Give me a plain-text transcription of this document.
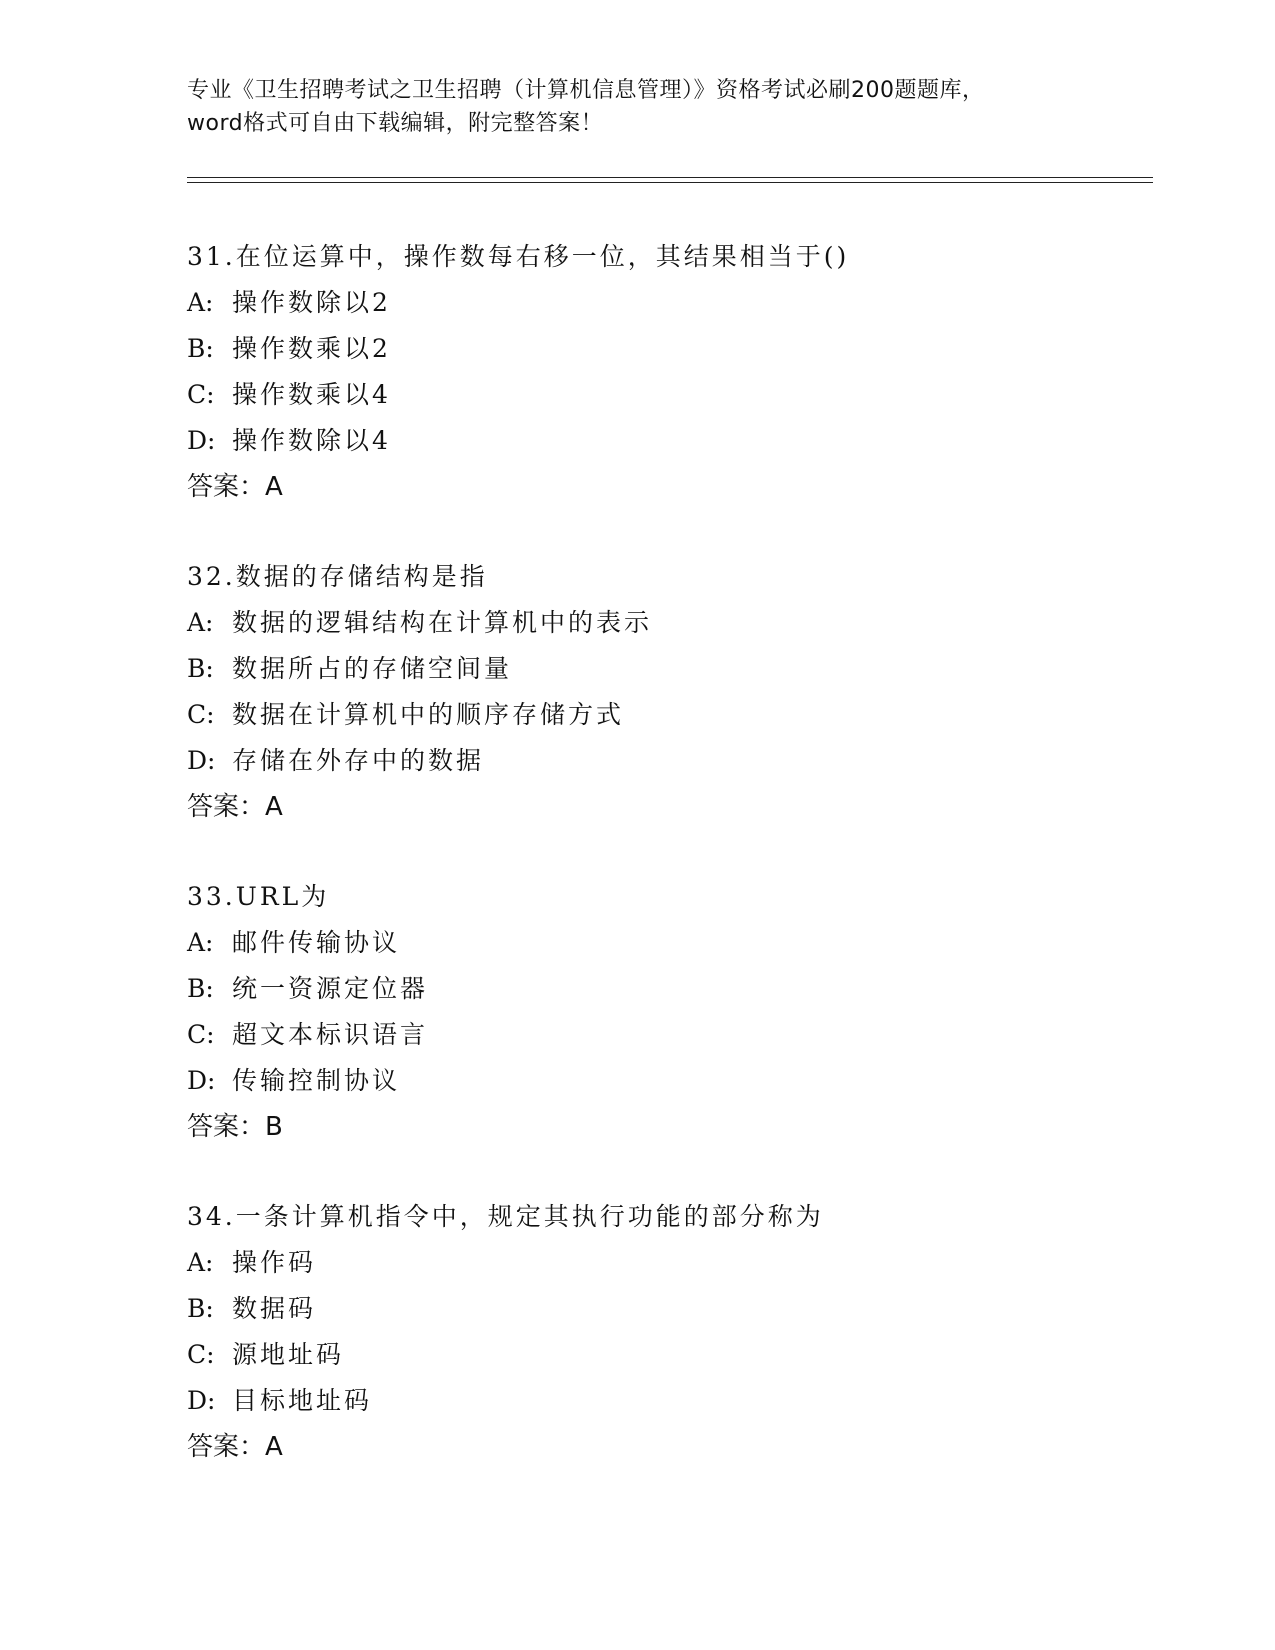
专业《卫生招聘考试之卫生招聘（计算机信息管理）》资格考试必刷200题题库，

word格式可自由下载编辑，附完整答案！

31.在位运算中，操作数每右移一位，其结果相当于()
A: 操作数除以2
B: 操作数乘以2
C: 操作数乘以4
D: 操作数除以4
答案：A
32.数据的存储结构是指
A: 数据的逻辑结构在计算机中的表示
B: 数据所占的存储空间量
C: 数据在计算机中的顺序存储方式
D: 存储在外存中的数据
答案：A
33.URL为
A: 邮件传输协议
B: 统一资源定位器
C: 超文本标识语言
D: 传输控制协议
答案：B
34.一条计算机指令中，规定其执行功能的部分称为
A: 操作码
B: 数据码
C: 源地址码
D: 目标地址码
答案：A
